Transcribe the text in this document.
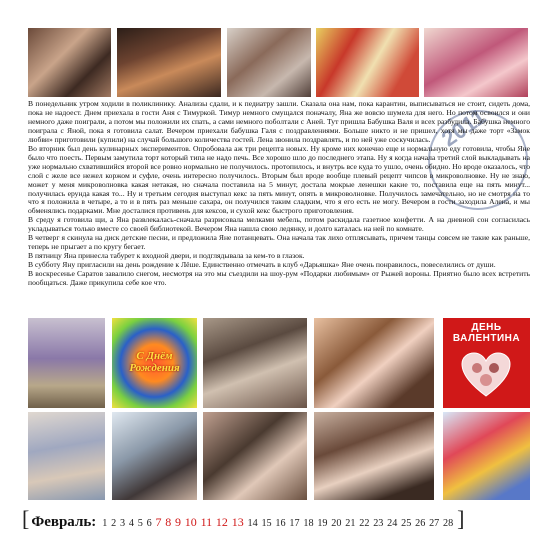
2011

В понедельник утром ходили в поликлинику. Анализы сдали, и к педиатру зашли. Сказала она нам, пока карантин, выписываться не стоит, сидеть дома, пока не надоест. Днем приехала в гости Аня с Тимуркой. Тимур немного смущался поначалу, Яна же вовсю шумела для него. Но потом освоился и они немного даже поиграли, а потом мы положили их спать, а сами немного поболтали с Аней. Тут пришла Бабушка Валя и всех разбудила. Бабушка немного поиграла с Яной, пока я готовила салат. Вечером приехали бабушка Галя с поздравлениями. Больше никто и не пришел, хотя мы даже торт «Замок любви» приготовили (купили) на случай большого количества гостей. Лена звонила поздравлять, и по ней уже соскучилась.

Во вторник был день кулинарных экспериментов. Опробовала аж три рецепта новых. Ну кроме них конечно еще и нормальную еду готовила, чтобы Яне было что поесть. Первым замутила торт который типа не надо печь. Все хорошо шло до последнего этапа. Ну я когда начала третий слой выкладывать на уже нормально схватившийся второй все ровно нормально не получилось. протопилось, и внутрь все куда то ушло, очень обидно. Но вроде оказалось, что слой с желе все нежел коржом и суфле, очень интересно получилось. Вторым был вроде вообще плевый рецепт чипсов в микроволновке. Ну не знаю, может у меня микроволновка какая нетакая, но сначала поставила на 5 минут, достала мокрые ленешки какие то, поставила еще на пять минут... получилась ерунда какая то... Ну и третьим сегодня выступал кекс за пять минут, опять в микроволновке. Получилось замечательно, но не смотря на то что я положила в четыре, а то и в пять раз меньше сахара, он получился таким сладким, что я его есть не могу. Вечером в гости заходила Алена, и мы обменялись подарками. Мне досталися противень для кексов, и сухой кекс быстрого приготовления.

В среду я готовила щи, а Яна развлекалась-сначала разрисовала мелками мебель, потом раскидала газетное конфетти. А на дневной сон согласилась укладываться только вместе со своей библиотекой. Вечером Яна нашла свою ледянку, и долго каталась на ней по комнате.

В четверг я скинула на диск детские песни, и предложила Яне потанцевать. Она начала так лихо отплясывать, причем танцы совсем не такие как раньше, теперь не прыгает а по кругу бегает.

В пятницу Яна принесла табурет к входной двери, и подглядывала за кем-то в глазок.

В субботу Яну пригласили на день рождение к Лёше. Единственно отмечать в клуб «Дарьяшка» Яне очень понравилось, повеселились от души.

В воскресенье Саратов завалило снегом, несмотря на это мы съездили на шоу-рум «Подарки любимым» от Рыжей вороны. Приятно было всех встретить пообщаться. Даже прикупила себе кое что.

С Днём Рождения
ДЕНЬ ВАЛЕНТИНА
[ Февраль: 1 2 3 4 5 6 7 8 9 10 11 12 13 14 15 16 17 18 19 20 21 22 23 24 25 26 27 28 ]
